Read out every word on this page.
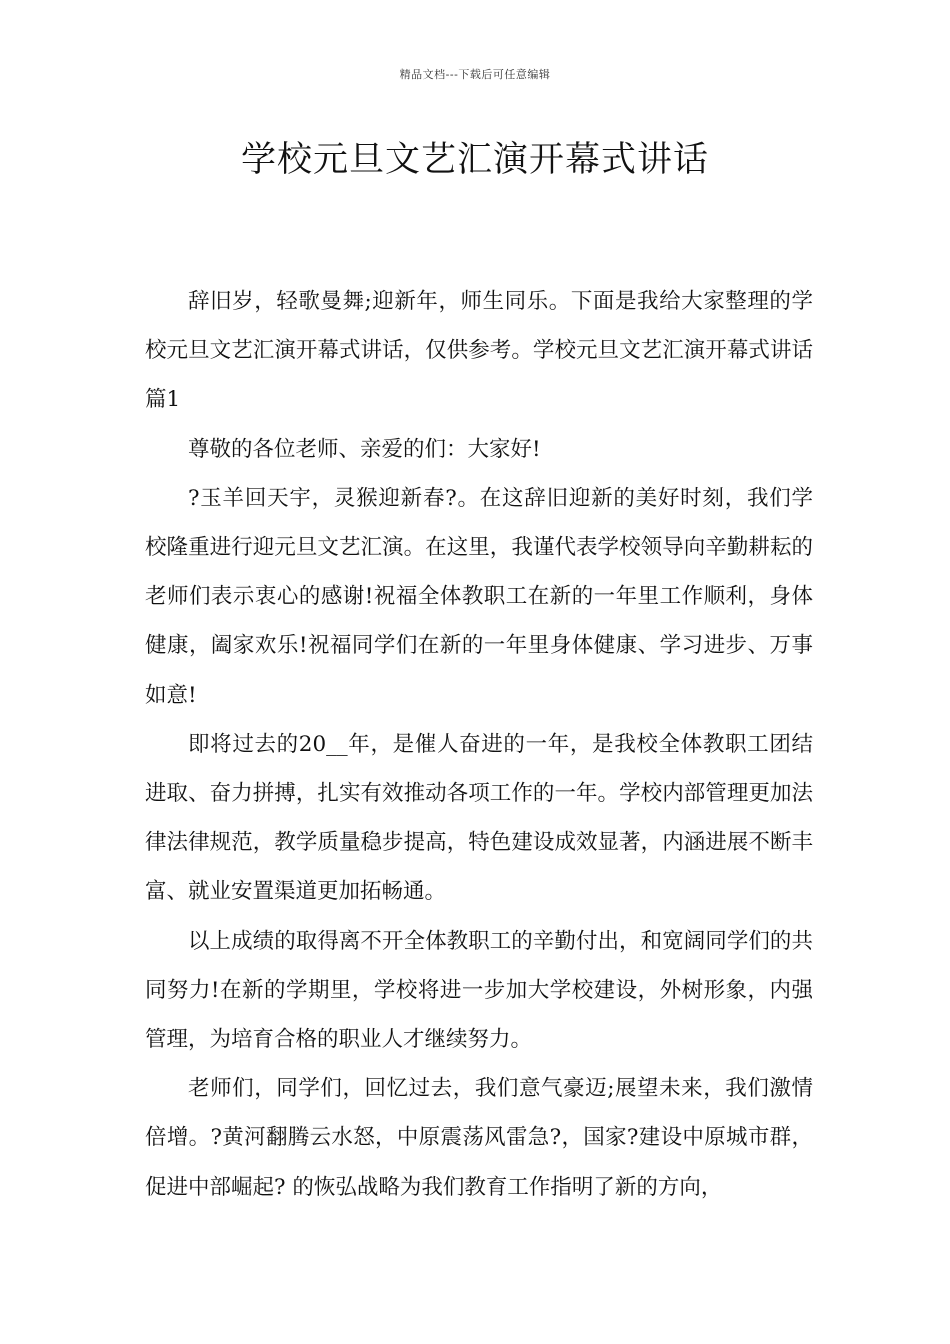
精品文档---下载后可任意编辑
学校元旦文艺汇演开幕式讲话

辞旧岁，轻歌曼舞;迎新年，师生同乐。下面是我给大家整理的学校元旦文艺汇演开幕式讲话，仅供参考。学校元旦文艺汇演开幕式讲话篇1

尊敬的各位老师、亲爱的们：大家好!

?玉羊回天宇，灵猴迎新春?。在这辞旧迎新的美好时刻，我们学校隆重进行迎元旦文艺汇演。在这里，我谨代表学校领导向辛勤耕耘的老师们表示衷心的感谢!祝福全体教职工在新的一年里工作顺利，身体健康，阖家欢乐!祝福同学们在新的一年里身体健康、学习进步、万事如意!

即将过去的20__年，是催人奋进的一年，是我校全体教职工团结进取、奋力拼搏，扎实有效推动各项工作的一年。学校内部管理更加法律法律规范，教学质量稳步提高，特色建设成效显著，内涵进展不断丰富、就业安置渠道更加拓畅通。

以上成绩的取得离不开全体教职工的辛勤付出，和宽阔同学们的共同努力!在新的学期里，学校将进一步加大学校建设，外树形象，内强管理，为培育合格的职业人才继续努力。

老师们，同学们，回忆过去，我们意气豪迈;展望未来，我们激情倍增。?黄河翻腾云水怒，中原震荡风雷急?，国家?建设中原城市群，促进中部崛起? 的恢弘战略为我们教育工作指明了新的方向，
